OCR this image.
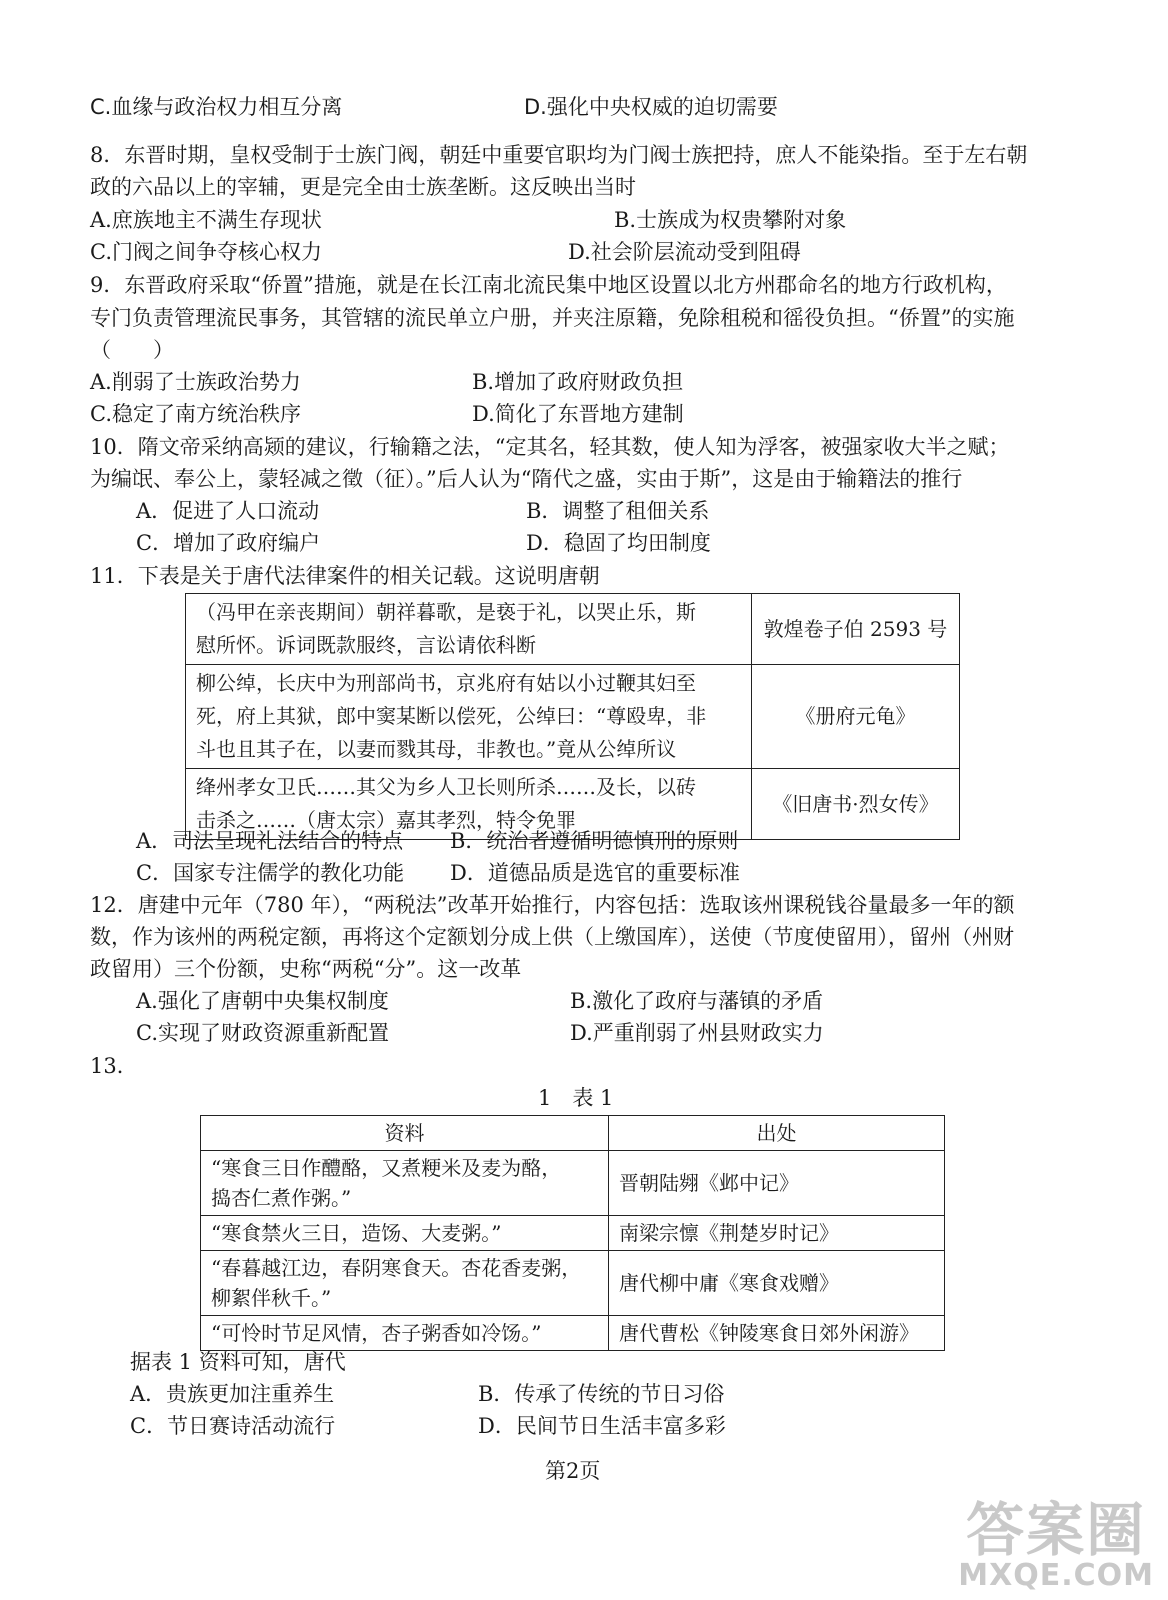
C.血缘与政治权力相互分离	D.强化中央权威的迫切需要
8．东晋时期，皇权受制于士族门阀，朝廷中重要官职均为门阀士族把持，庶人不能染指。至于左右朝
政的六品以上的宰辅，更是完全由士族垄断。这反映出当时
A.庶族地主不满生存现状	B.士族成为权贵攀附对象
C.门阀之间争夺核心权力	D.社会阶层流动受到阻碍
9．东晋政府采取“侨置”措施，就是在长江南北流民集中地区设置以北方州郡命名的地方行政机构，
专门负责管理流民事务，其管辖的流民单立户册，并夹注原籍，免除租税和徭役负担。“侨置”的实施
（　　）
A.削弱了士族政治势力	B.增加了政府财政负担
C.稳定了南方统治秩序	D.简化了东晋地方建制
10．隋文帝采纳高颎的建议，行输籍之法，“定其名，轻其数，使人知为浮客，被强家收大半之赋；
为编氓、奉公上，蒙轻减之徵（征）。”后人认为“隋代之盛，实由于斯”，这是由于输籍法的推行
A．促进了人口流动	B．调整了租佃关系
C．增加了政府编户	D．稳固了均田制度
11．下表是关于唐代法律案件的相关记载。这说明唐朝
（冯甲在亲丧期间）朝祥暮歌，是亵于礼，以哭止乐，斯
慰所怀。诉词既款服终，言讼请依科断	敦煌卷子伯 2593 号

柳公绰，长庆中为刑部尚书，京兆府有姑以小过鞭其妇至
死，府上其狱，郎中窦某断以偿死，公绰曰：“尊殴卑，非
斗也且其子在，以妻而戮其母，非教也。”竟从公绰所议	《册府元龟》

绛州孝女卫氏……其父为乡人卫长则所杀……及长，以砖
击杀之……（唐太宗）嘉其孝烈，特令免罪	《旧唐书·烈女传》
A．司法呈现礼法结合的特点 B．统治者遵循明德慎刑的原则
C．国家专注儒学的教化功能 D．道德品质是选官的重要标准
12．唐建中元年（780 年），“两税法”改革开始推行，内容包括：选取该州课税钱谷量最多一年的额
数，作为该州的两税定额，再将这个定额划分成上供（上缴国库），送使（节度使留用），留州（州财
政留用）三个份额，史称“两税“分”。这一改革
A.强化了唐朝中央集权制度	B.激化了政府与藩镇的矛盾
C.实现了财政资源重新配置	D.严重削弱了州县财政实力
13．
1　表 1
资料	出处

“寒食三日作醴酪，又煮粳米及麦为酪，
捣杏仁煮作粥。”	晋朝陆翙《邺中记》
“寒食禁火三日，造饧、大麦粥。”	南梁宗懔《荆楚岁时记》

“春暮越江边，春阴寒食天。杏花香麦粥，
柳絮伴秋千。”	唐代柳中庸《寒食戏赠》
“可怜时节足风情，杏子粥香如冷饧。”	唐代曹松《钟陵寒食日郊外闲游》
据表 1 资料可知，唐代
A．贵族更加注重养生	B．传承了传统的节日习俗
C．节日赛诗活动流行	D．民间节日生活丰富多彩
第2页
答案圈
MXQE.COM
